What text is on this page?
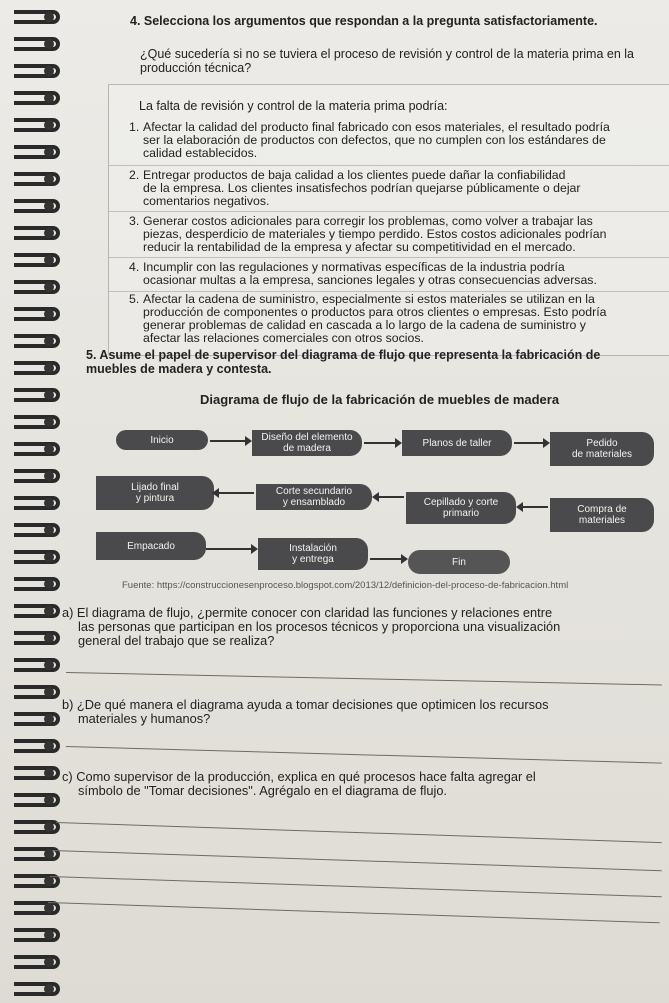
4. Selecciona los argumentos que respondan a la pregunta satisfactoriamente.
¿Qué sucedería si no se tuviera el proceso de revisión y control de la materia prima en la
producción técnica?
La falta de revisión y control de la materia prima podría:
1. Afectar la calidad del producto final fabricado con esos materiales, el resultado podría
ser la elaboración de productos con defectos, que no cumplen con los estándares de
calidad establecidos.
2. Entregar productos de baja calidad a los clientes puede dañar la confiabilidad
de la empresa. Los clientes insatisfechos podrían quejarse públicamente o dejar
comentarios negativos.
3. Generar costos adicionales para corregir los problemas, como volver a trabajar las
piezas, desperdicio de materiales y tiempo perdido. Estos costos adicionales podrían
reducir la rentabilidad de la empresa y afectar su competitividad en el mercado.
4. Incumplir con las regulaciones y normativas específicas de la industria podría
ocasionar multas a la empresa, sanciones legales y otras consecuencias adversas.
5. Afectar la cadena de suministro, especialmente si estos materiales se utilizan en la
producción de componentes o productos para otros clientes o empresas. Esto podría
generar problemas de calidad en cascada a lo largo de la cadena de suministro y
afectar las relaciones comerciales con otros socios.
5. Asume el papel de supervisor del diagrama de flujo que representa la fabricación de
muebles de madera y contesta.
Diagrama de flujo de la fabricación de muebles de madera
Inicio	Diseño del elemento
de madera	Planos de taller	Pedido
de materiales
Lijado final
y pintura
Corte secundario
y ensamblado	Cepillado y corte
primario	Compra de
materiales
Empacado	Instalación
y entrega	Fin
Fuente: https://construccionesenproceso.blogspot.com/2013/12/definicion-del-proceso-de-fabricacion.html
a) El diagrama de flujo, ¿permite conocer con claridad las funciones y relaciones entre
las personas que participan en los procesos técnicos y proporciona una visualización
general del trabajo que se realiza?
b) ¿De qué manera el diagrama ayuda a tomar decisiones que optimicen los recursos
materiales y humanos?
c) Como supervisor de la producción, explica en qué procesos hace falta agregar el
símbolo de "Tomar decisiones". Agrégalo en el diagrama de flujo.
